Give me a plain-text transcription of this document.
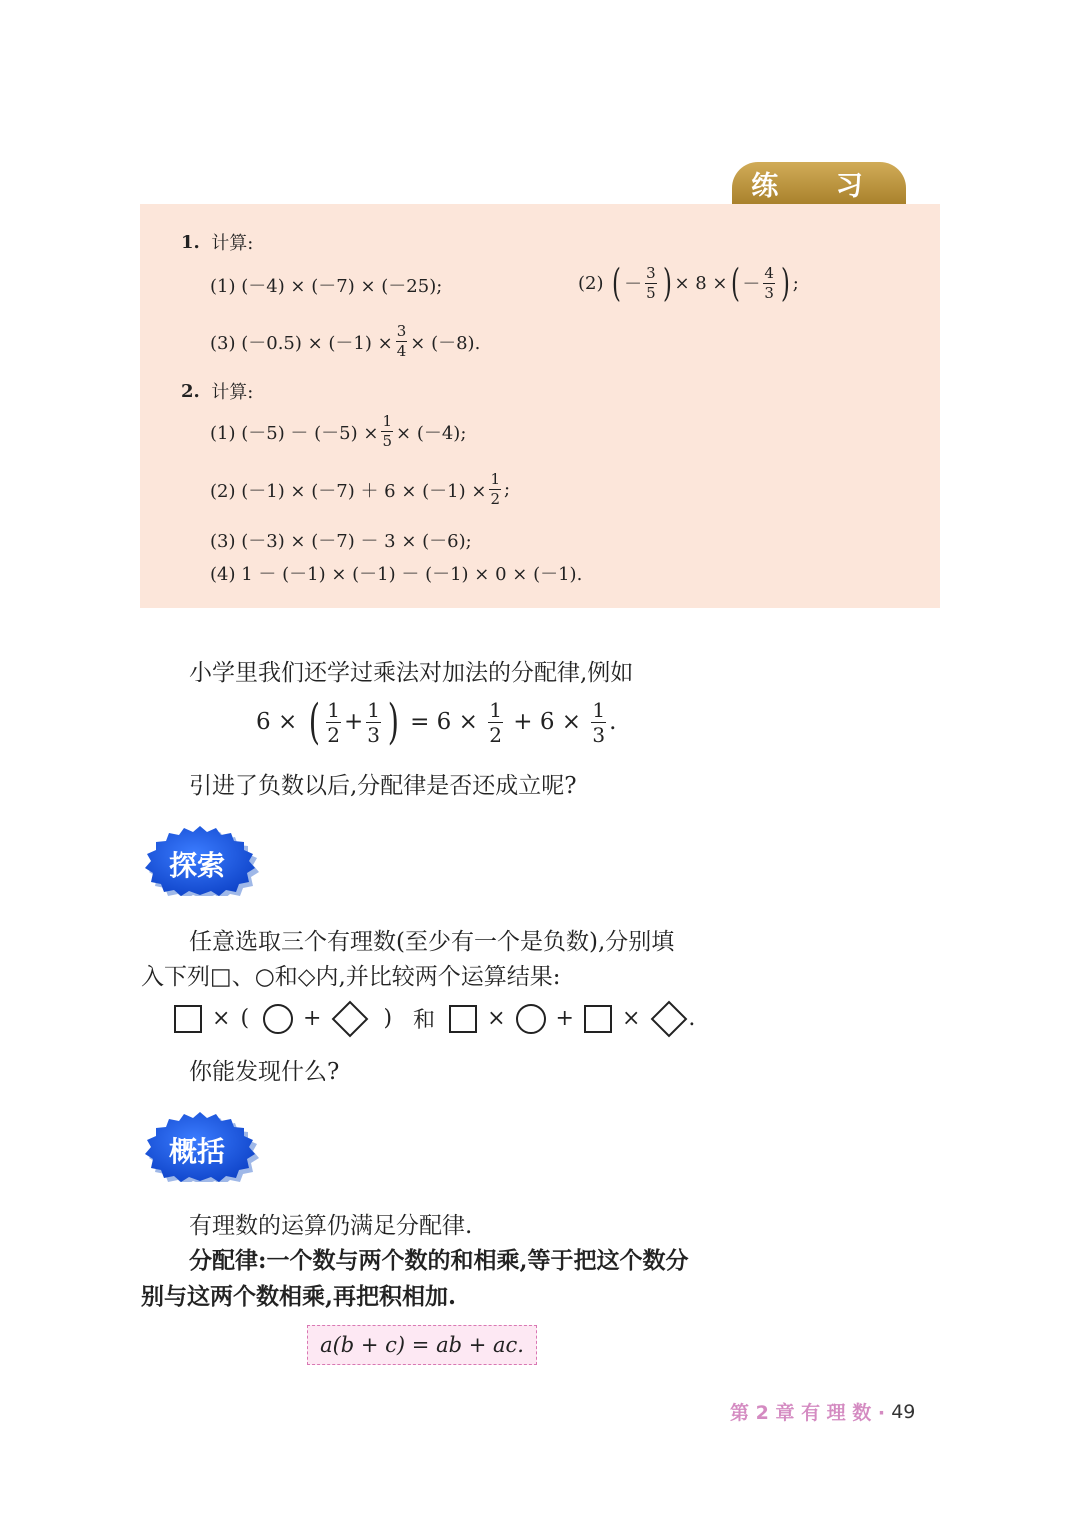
练 习
1.
计算:
(1) (－4) × (－7) × (－25);	(2)
( － $\frac{3}{5}$ ) × 8 × ( － $\frac{4}{3}$ ) ;
(3) $(-0.5) \times (-1) \times \frac{3}{4} \times (-8)$.
2.
计算:
(1) $(-5) - (-5) \times \frac{1}{5} \times (-4)$;
(2) $(-1) \times (-7) + 6 \times (-1) \times \frac{1}{2}$ ;
(3) (－3) × (－7) － 3 × (－6);
(4) 1 － (－1) × (－1) － (－1) × 0 × (－1).
小学里我们还学过乘法对加法的分配律,例如
6 ×
( $\frac{1}{2} + \frac{1}{3}$ )
= 6 ×
$\frac{1}{2}$
+ 6 ×
$\frac{1}{3}$ .
引进了负数以后,分配律是否还成立呢?
探索
任意选取三个有理数(至少有一个是负数),分别填
入下列□、○和◇内,并比较两个运算结果:
× (
+
	)
和
× + × .
你能发现什么?
概括
有理数的运算仍满足分配律.
分配律:一个数与两个数的和相乘,等于把这个数分
别与这两个数相乘,再把积相加.
a(b + c) = ab + ac.
第 2 章 有 理 数 ·
49
